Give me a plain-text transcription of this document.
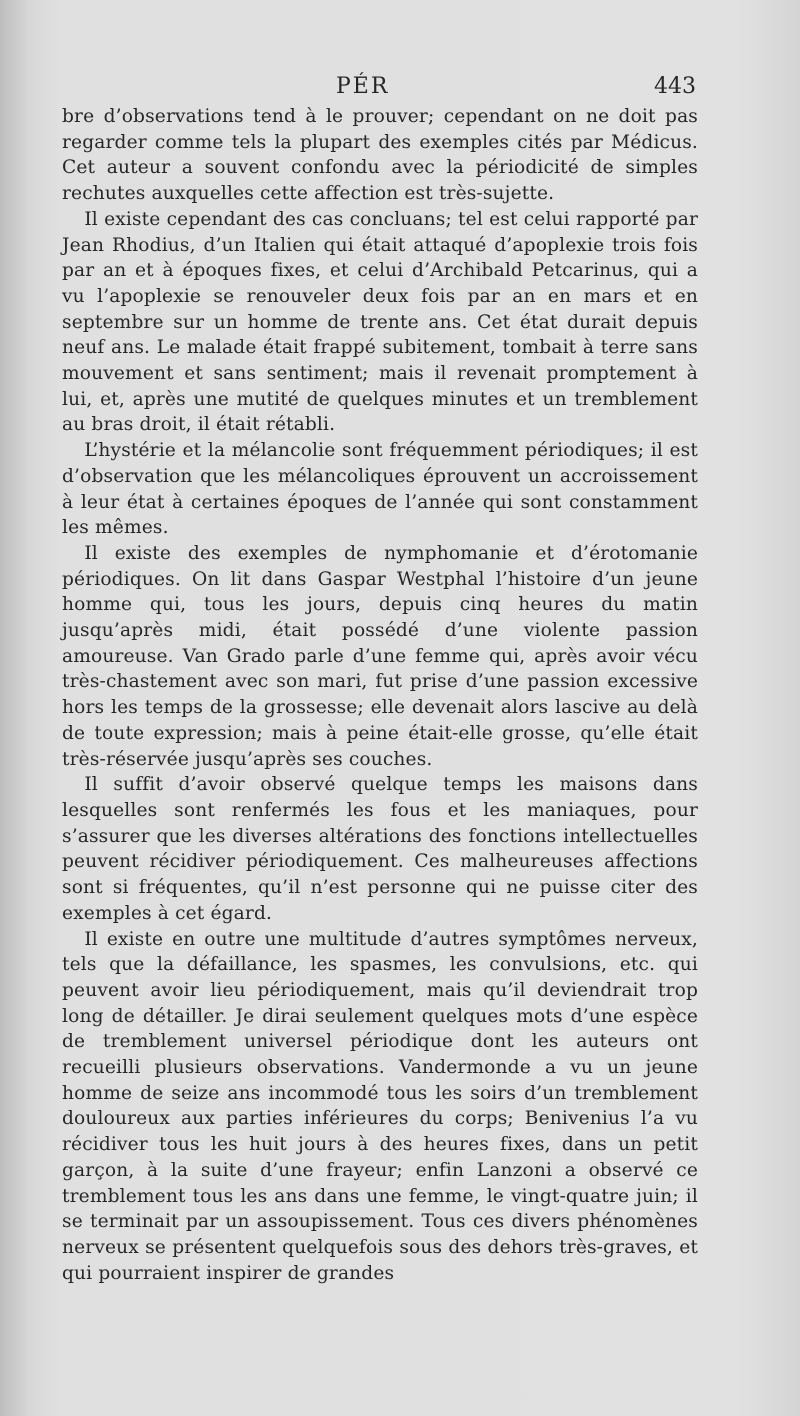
PÉR	443

bre d’observations tend à le prouver; cependant on ne doit pas regarder comme tels la plupart des exemples cités par Médicus. Cet auteur a souvent confondu avec la périodicité de simples rechutes auxquelles cette affection est très-sujette.

Il existe cependant des cas concluans; tel est celui rapporté par Jean Rhodius, d’un Italien qui était attaqué d’apoplexie trois fois par an et à époques fixes, et celui d’Archibald Petcarinus, qui a vu l’apoplexie se renouveler deux fois par an en mars et en septembre sur un homme de trente ans. Cet état durait depuis neuf ans. Le malade était frappé subitement, tombait à terre sans mouvement et sans sentiment; mais il revenait promptement à lui, et, après une mutité de quelques minutes et un tremblement au bras droit, il était rétabli.

L’hystérie et la mélancolie sont fréquemment périodiques; il est d’observation que les mélancoliques éprouvent un accroissement à leur état à certaines époques de l’année qui sont constamment les mêmes.

Il existe des exemples de nymphomanie et d’érotomanie périodiques. On lit dans Gaspar Westphal l’histoire d’un jeune homme qui, tous les jours, depuis cinq heures du matin jusqu’après midi, était possédé d’une violente passion amoureuse. Van Grado parle d’une femme qui, après avoir vécu très-chastement avec son mari, fut prise d’une passion excessive hors les temps de la grossesse; elle devenait alors lascive au delà de toute expression; mais à peine était-elle grosse, qu’elle était très-réservée jusqu’après ses couches.

Il suffit d’avoir observé quelque temps les maisons dans lesquelles sont renfermés les fous et les maniaques, pour s’assurer que les diverses altérations des fonctions intellectuelles peuvent récidiver périodiquement. Ces malheureuses affections sont si fréquentes, qu’il n’est personne qui ne puisse citer des exemples à cet égard.

Il existe en outre une multitude d’autres symptômes nerveux, tels que la défaillance, les spasmes, les convulsions, etc. qui peuvent avoir lieu périodiquement, mais qu’il deviendrait trop long de détailler. Je dirai seulement quelques mots d’une espèce de tremblement universel périodique dont les auteurs ont recueilli plusieurs observations. Vandermonde a vu un jeune homme de seize ans incommodé tous les soirs d’un tremblement douloureux aux parties inférieures du corps; Benivenius l’a vu récidiver tous les huit jours à des heures fixes, dans un petit garçon, à la suite d’une frayeur; enfin Lanzoni a observé ce tremblement tous les ans dans une femme, le vingt-quatre juin; il se terminait par un assoupissement. Tous ces divers phénomènes nerveux se présentent quelquefois sous des dehors très-graves, et qui pourraient inspirer de grandes
